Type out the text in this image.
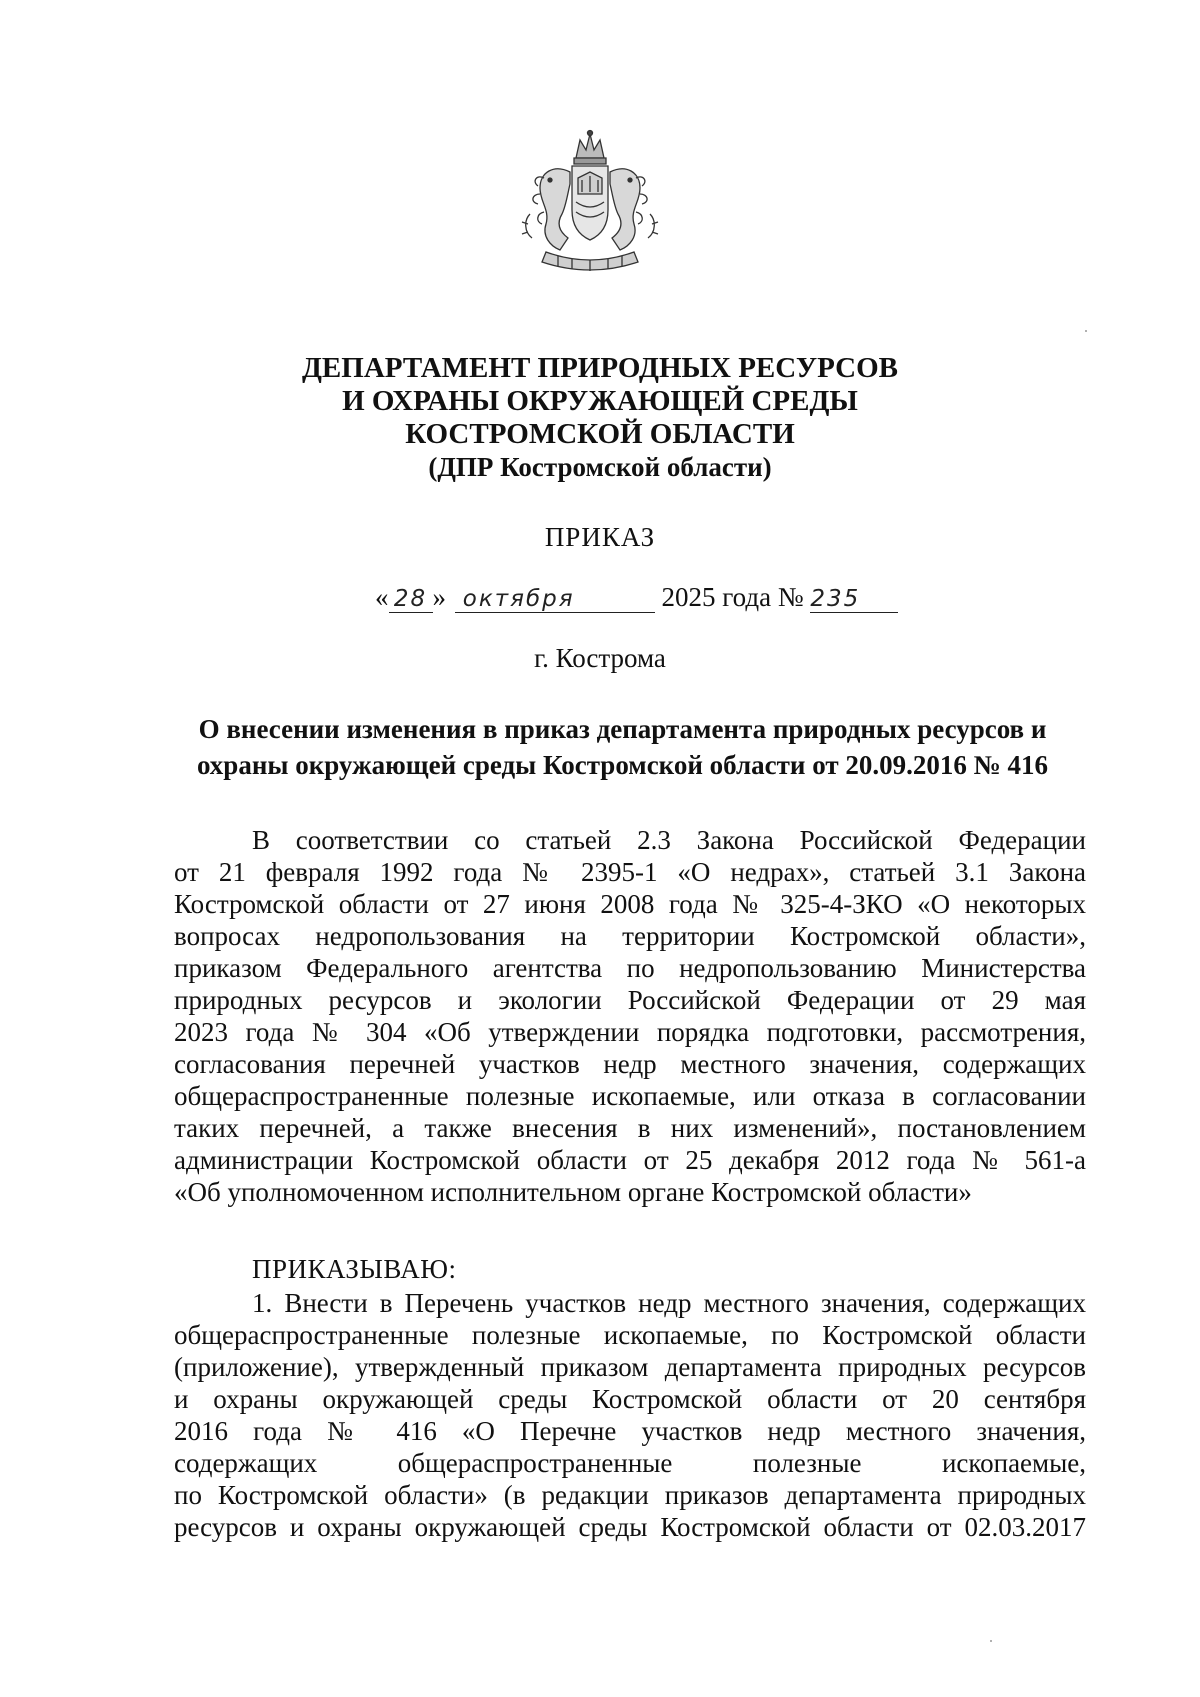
ДЕПАРТАМЕНТ ПРИРОДНЫХ РЕСУРСОВ
И ОХРАНЫ ОКРУЖАЮЩЕЙ СРЕДЫ
КОСТРОМСКОЙ ОБЛАСТИ
(ДПР Костромской области)
ПРИКАЗ
« 28 » октября	2025 года № 235
г. Кострома
О внесении изменения в приказ департамента природных ресурсов и
охраны окружающей среды Костромской области от 20.09.2016 № 416
В соответствии со статьей 2.3 Закона Российской Федерации
от 21 февраля 1992 года № 2395-1 «О недрах», статьей 3.1 Закона
Костромской области от 27 июня 2008 года № 325-4-ЗКО «О некоторых
вопросах недропользования на территории Костромской области»,
приказом Федерального агентства по недропользованию Министерства
природных ресурсов и экологии Российской Федерации от 29 мая
2023 года № 304 «Об утверждении порядка подготовки, рассмотрения,
согласования перечней участков недр местного значения, содержащих
общераспространенные полезные ископаемые, или отказа в согласовании
таких перечней, а также внесения в них изменений», постановлением
администрации Костромской области от 25 декабря 2012 года № 561-а
«Об уполномоченном исполнительном органе Костромской области»
ПРИКАЗЫВАЮ:
1. Внести в Перечень участков недр местного значения, содержащих
общераспространенные полезные ископаемые, по Костромской области
(приложение), утвержденный приказом департамента природных ресурсов
и охраны окружающей среды Костромской области от 20 сентября
2016 года № 416 «О Перечне участков недр местного значения,
содержащих общераспространенные полезные ископаемые,
по Костромской области» (в редакции приказов департамента природных
ресурсов и охраны окружающей среды Костромской области от 02.03.2017
